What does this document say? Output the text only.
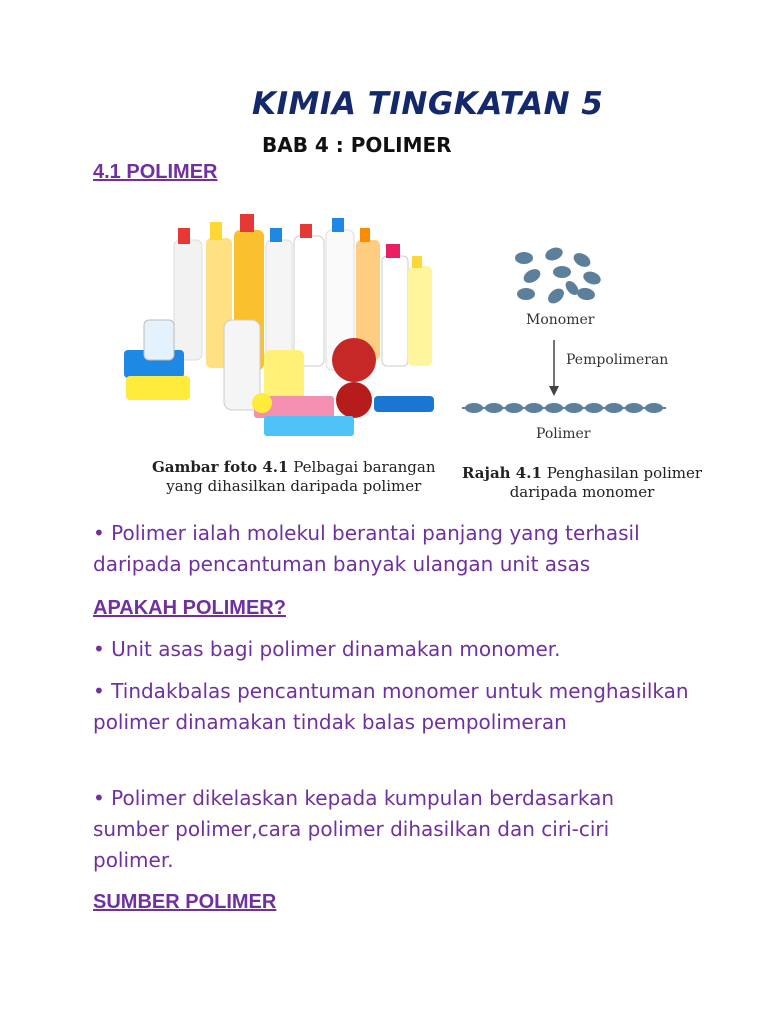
KIMIA TINGKATAN 5
BAB 4 : POLIMER
4.1 POLIMER
Gambar foto 4.1 Pelbagai barangan
yang dihasilkan daripada polimer
Monomer
Pempolimeran
Polimer
Rajah 4.1 Penghasilan polimer
daripada monomer

• Polimer ialah molekul berantai panjang yang terhasil daripada pencantuman banyak ulangan unit asas

APAKAH POLIMER?

• Unit asas bagi polimer dinamakan monomer.

• Tindakbalas pencantuman monomer untuk menghasilkan polimer dinamakan tindak balas pempolimeran

• Polimer dikelaskan kepada kumpulan berdasarkan sumber polimer,cara polimer dihasilkan dan ciri-ciri polimer.

SUMBER POLIMER
